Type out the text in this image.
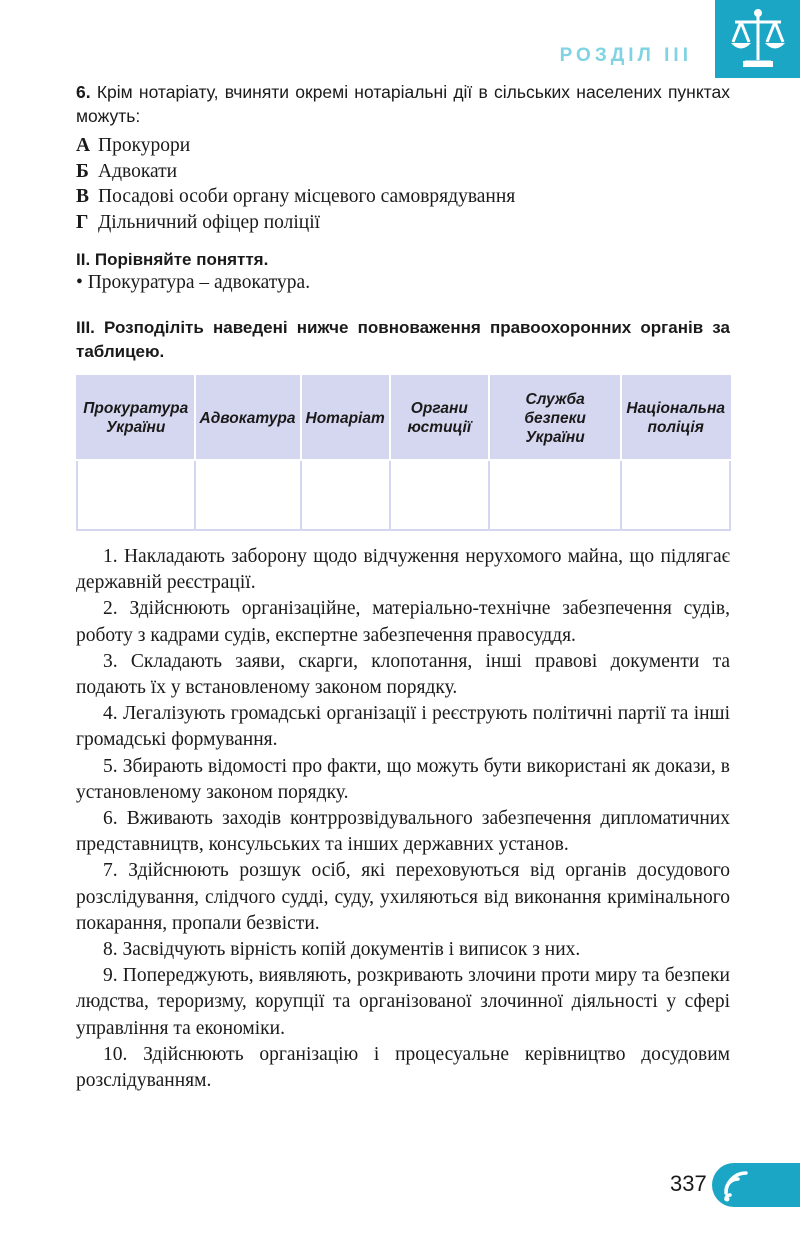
РОЗДІЛ III
6. Крім нотаріату, вчиняти окремі нотаріальні дії в сільських населених пунктах можуть:
А Прокурори
Б Адвокати
В Посадові особи органу місцевого самоврядування
Г Дільничний офіцер поліції
ІІ. Порівняйте поняття.
• Прокуратура – адвокатура.
ІІІ. Розподіліть наведені нижче повноваження правоохоронних органів за таблицею.
Прокуратура України	Адвокатура	Нотаріат	Органи юстиції	Служба безпеки України	Національна поліція

1. Накладають заборону щодо відчуження нерухомого майна, що підлягає державній реєстрації.

2. Здійснюють організаційне, матеріально-технічне забезпечення судів, роботу з кадрами судів, експертне забезпечення правосуддя.

3. Складають заяви, скарги, клопотання, інші правові документи та подають їх у встановленому законом порядку.

4. Легалізують громадські організації і реєструють політичні партії та інші громадські формування.

5. Збирають відомості про факти, що можуть бути використані як докази, в установленому законом порядку.

6. Вживають заходів контррозвідувального забезпечення дипломатичних представництв, консульських та інших державних установ.

7. Здійснюють розшук осіб, які переховуються від органів досудового розслідування, слідчого судді, суду, ухиляються від виконання кримінального покарання, пропали безвісти.

8. Засвідчують вірність копій документів і виписок з них.

9. Попереджують, виявляють, розкривають злочини проти миру та безпеки людства, тероризму, корупції та організованої злочинної діяльності у сфері управління та економіки.

10. Здійснюють організацію і процесуальне керівництво досудовим розслідуванням.

337
